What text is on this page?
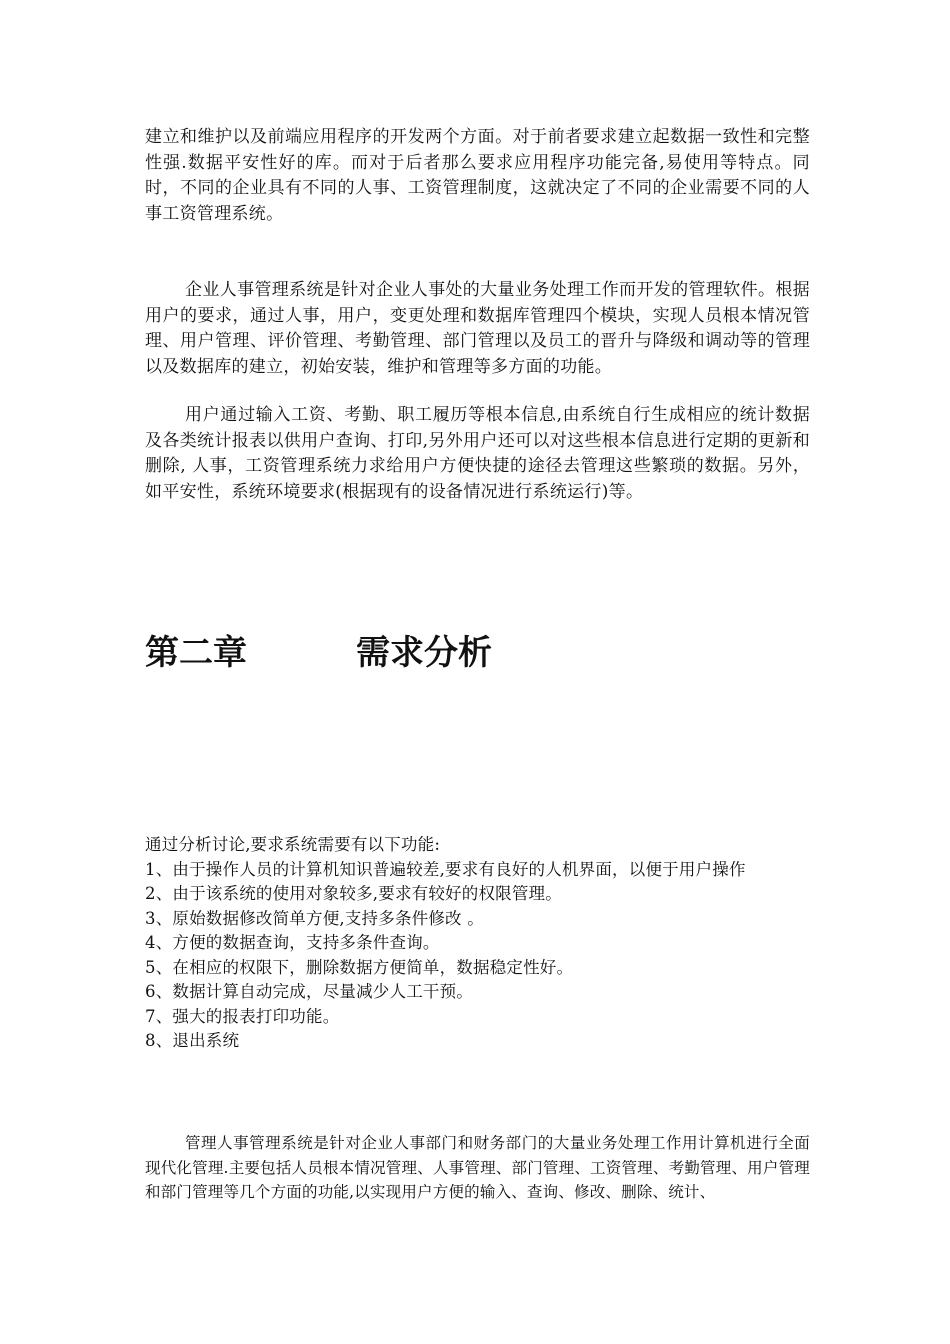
建立和维护以及前端应用程序的开发两个方面。对于前者要求建立起数据一致性和完整性强.数据平安性好的库。而对于后者那么要求应用程序功能完备,易使用等特点。同时，不同的企业具有不同的人事、工资管理制度，这就决定了不同的企业需要不同的人事工资管理系统。

企业人事管理系统是针对企业人事处的大量业务处理工作而开发的管理软件。根据用户的要求，通过人事，用户，变更处理和数据库管理四个模块，实现人员根本情况管理、用户管理、评价管理、考勤管理、部门管理以及员工的晋升与降级和调动等的管理以及数据库的建立，初始安装，维护和管理等多方面的功能。

用户通过输入工资、考勤、职工履历等根本信息,由系统自行生成相应的统计数据及各类统计报表以供用户查询、打印,另外用户还可以对这些根本信息进行定期的更新和删除, 人事，工资管理系统力求给用户方便快捷的途径去管理这些繁琐的数据。另外，如平安性，系统环境要求(根据现有的设备情况进行系统运行)等。

第二章	需求分析
通过分析讨论,要求系统需要有以下功能:
1、由于操作人员的计算机知识普遍较差,要求有良好的人机界面，以便于用户操作
2、由于该系统的使用对象较多,要求有较好的权限管理。
3、原始数据修改简单方便,支持多条件修改 。
4、方便的数据查询，支持多条件查询。
5、在相应的权限下，删除数据方便简单，数据稳定性好。
6、数据计算自动完成，尽量减少人工干预。
7、强大的报表打印功能。
8、退出系统

管理人事管理系统是针对企业人事部门和财务部门的大量业务处理工作用计算机进行全面现代化管理.主要包括人员根本情况管理、人事管理、部门管理、工资管理、考勤管理、用户管理和部门管理等几个方面的功能,以实现用户方便的输入、查询、修改、删除、统计、
